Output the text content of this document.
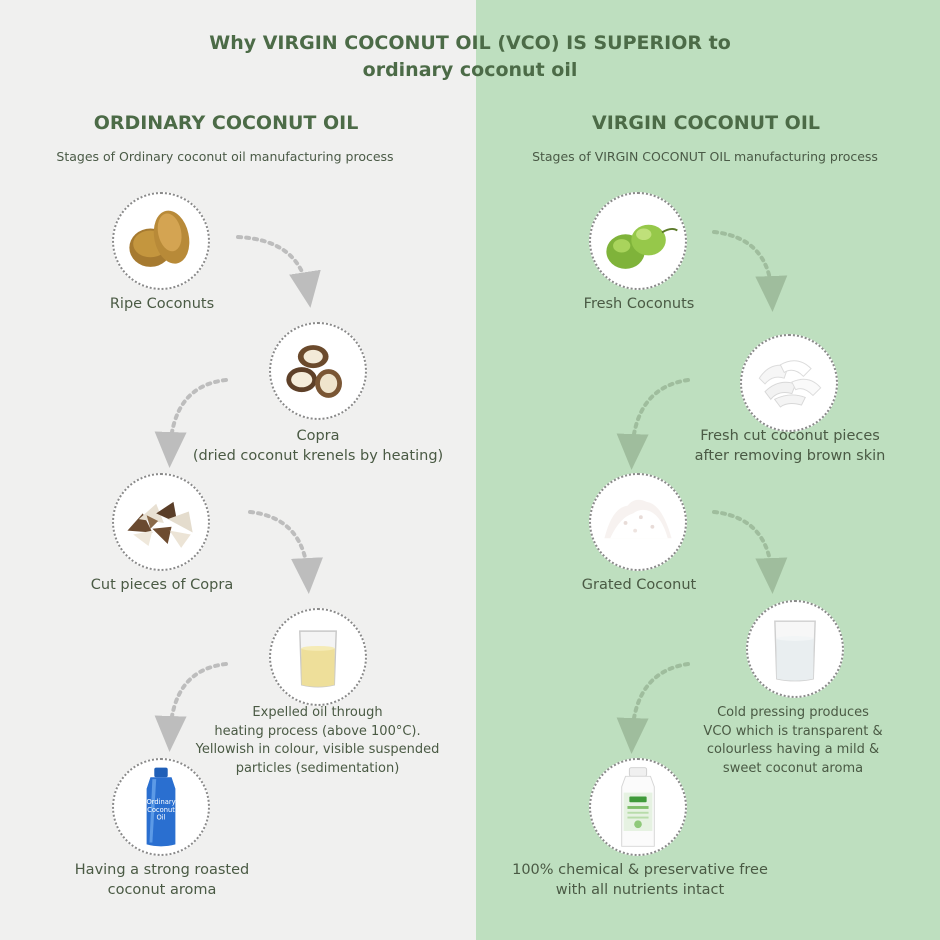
Why VIRGIN COCONUT OIL (VCO) IS SUPERIOR to
ordinary coconut oil
ORDINARY COCONUT OIL
Stages of Ordinary coconut oil manufacturing process
Ripe Coconuts
Copra
(dried coconut krenels by heating)
Cut pieces of Copra
Expelled oil through
heating process (above 100°C).
Yellowish in colour, visible suspended
particles (sedimentation)
Ordinary
Coconut
Oil
Having a strong roasted
coconut aroma
VIRGIN COCONUT OIL
Stages of VIRGIN COCONUT OIL manufacturing process
Fresh Coconuts
Fresh cut coconut pieces
after removing brown skin
Grated Coconut
Cold pressing produces
VCO which is transparent &
colourless having a mild &
sweet coconut aroma
100% chemical & preservative free
with all nutrients intact
